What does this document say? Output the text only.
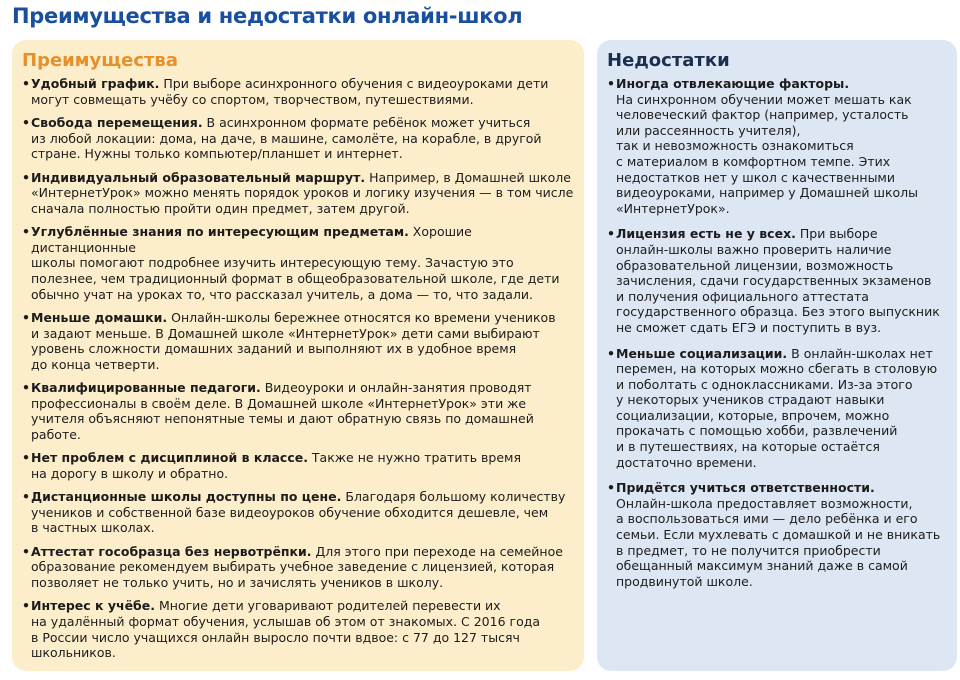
Преимущества и недостатки онлайн-школ
Преимущества
• Удобный график. При выборе асинхронного обучения с видеоуроками дети
могут совмещать учёбу со спортом, творчеством, путешествиями.
• Свобода перемещения. В асинхронном формате ребёнок может учиться
из любой локации: дома, на даче, в машине, самолёте, на корабле, в другой
стране. Нужны только компьютер/планшет и интернет.
• Индивидуальный образовательный маршрут. Например, в Домашней школе
«ИнтернетУрок» можно менять порядок уроков и логику изучения — в том числе
сначала полностью пройти один предмет, затем другой.
• Углублённые знания по интересующим предметам. Хорошие дистанционные
школы помогают подробнее изучить интересующую тему. Зачастую это
полезнее, чем традиционный формат в общеобразовательной школе, где дети
обычно учат на уроках то, что рассказал учитель, а дома — то, что задали.
• Меньше домашки. Онлайн-школы бережнее относятся ко времени учеников
и задают меньше. В Домашней школе «ИнтернетУрок» дети сами выбирают
уровень сложности домашних заданий и выполняют их в удобное время
до конца четверти.
• Квалифицированные педагоги. Видеоуроки и онлайн-занятия проводят
профессионалы в своём деле. В Домашней школе «ИнтернетУрок» эти же
учителя объясняют непонятные темы и дают обратную связь по домашней
работе.
• Нет проблем с дисциплиной в классе. Также не нужно тратить время
на дорогу в школу и обратно.
• Дистанционные школы доступны по цене. Благодаря большому количеству
учеников и собственной базе видеоуроков обучение обходится дешевле, чем
в частных школах.
• Аттестат гособразца без нервотрёпки. Для этого при переходе на семейное
образование рекомендуем выбирать учебное заведение с лицензией, которая
позволяет не только учить, но и зачислять учеников в школу.
• Интерес к учёбе. Многие дети уговаривают родителей перевести их
на удалённый формат обучения, услышав об этом от знакомых. С 2016 года
в России число учащихся онлайн выросло почти вдвое: с 77 до 127 тысяч
школьников.
Недостатки
• Иногда отвлекающие факторы.
На синхронном обучении может мешать как
человеческий фактор (например, усталость
или рассеянность учителя),
так и невозможность ознакомиться
с материалом в комфортном темпе. Этих
недостатков нет у школ с качественными
видеоуроками, например у Домашней школы
«ИнтернетУрок».
• Лицензия есть не у всех. При выборе
онлайн-школы важно проверить наличие
образовательной лицензии, возможность
зачисления, сдачи государственных экзаменов
и получения официального аттестата
государственного образца. Без этого выпускник
не сможет сдать ЕГЭ и поступить в вуз.
• Меньше социализации. В онлайн-школах нет
перемен, на которых можно сбегать в столовую
и поболтать с одноклассниками. Из-за этого
у некоторых учеников страдают навыки
социализации, которые, впрочем, можно
прокачать с помощью хобби, развлечений
и в путешествиях, на которые остаётся
достаточно времени.
• Придётся учиться ответственности.
Онлайн-школа предоставляет возможности,
а воспользоваться ими — дело ребёнка и его
семьи. Если мухлевать с домашкой и не вникать
в предмет, то не получится приобрести
обещанный максимум знаний даже в самой
продвинутой школе.
